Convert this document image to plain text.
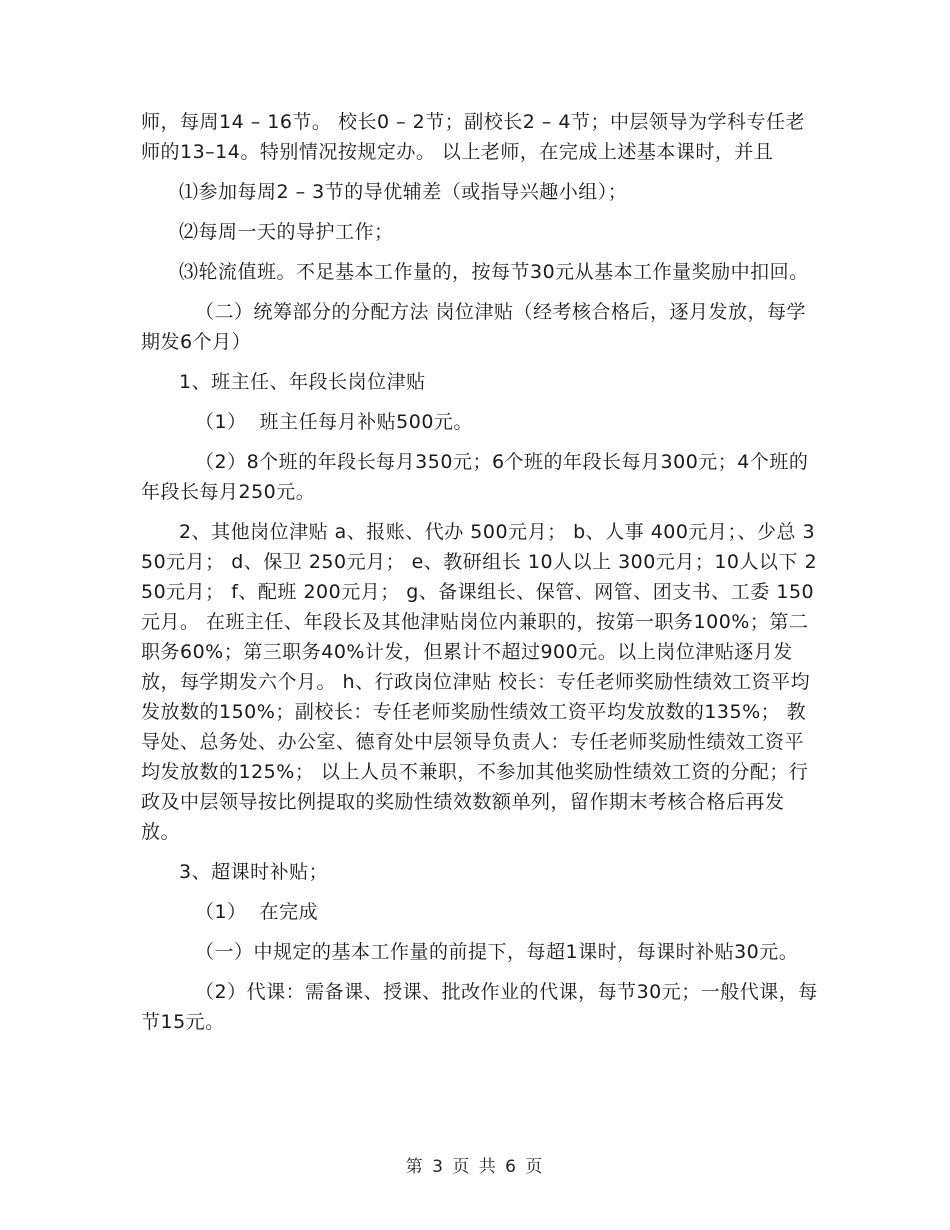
师，每周14 – 16节。 校长0 – 2节；副校长2 – 4节；中层领导为学科专任老师的13–14。特别情况按规定办。 以上老师，在完成上述基本课时，并且

⑴参加每周2 – 3节的导优辅差（或指导兴趣小组）；

⑵每周一天的导护工作；

⑶轮流值班。不足基本工作量的，按每节30元从基本工作量奖励中扣回。

（二）统筹部分的分配方法 岗位津贴（经考核合格后，逐月发放，每学期发6个月）

1、班主任、年段长岗位津贴

（1）  班主任每月补贴500元。

（2）8个班的年段长每月350元；6个班的年段长每月300元；4个班的年段长每月250元。

2、其他岗位津贴 a、报账、代办 500元月； b、人事 400元月；、少总 350元月； d、保卫 250元月； e、教研组长 10人以上 300元月；10人以下 250元月； f、配班 200元月； g、备课组长、保管、网管、团支书、工委 150元月。 在班主任、年段长及其他津贴岗位内兼职的，按第一职务100%；第二职务60%；第三职务40%计发，但累计不超过900元。以上岗位津贴逐月发放，每学期发六个月。 h、行政岗位津贴 校长：专任老师奖励性绩效工资平均发放数的150%；副校长：专任老师奖励性绩效工资平均发放数的135%； 教导处、总务处、办公室、德育处中层领导负责人：专任老师奖励性绩效工资平均发放数的125%； 以上人员不兼职，不参加其他奖励性绩效工资的分配；行政及中层领导按比例提取的奖励性绩效数额单列，留作期末考核合格后再发放。

3、超课时补贴；

（1）  在完成

（一）中规定的基本工作量的前提下，每超1课时，每课时补贴30元。

（2）代课：需备课、授课、批改作业的代课，每节30元；一般代课，每节15元。

第 3 页 共 6 页
